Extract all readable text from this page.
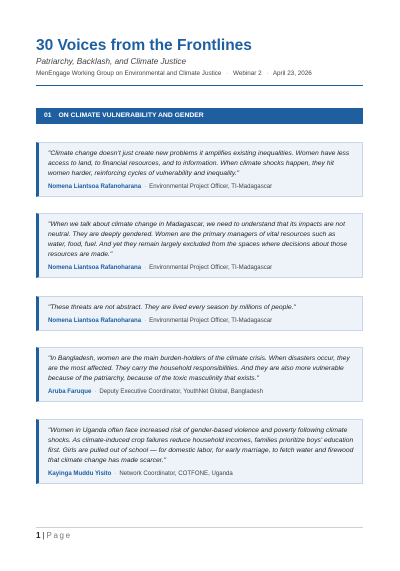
30 Voices from the Frontlines
Patriarchy, Backlash, and Climate Justice
MenEngage Working Group on Environmental and Climate Justice · Webinar 2 · April 23, 2026
01 ON CLIMATE VULNERABILITY AND GENDER

"Climate change doesn't just create new problems it amplifies existing inequalities. Women have less access to land, to financial resources, and to information. When climate shocks happen, they hit women harder, reinforcing cycles of vulnerability and inequality."

Nomena Liantsoa Rafanoharana · Environmental Project Officer, TI-Madagascar

"When we talk about climate change in Madagascar, we need to understand that its impacts are not neutral. They are deeply gendered. Women are the primary managers of vital resources such as water, food, fuel. And yet they remain largely excluded from the spaces where decisions about those resources are made."

Nomena Liantsoa Rafanoharana · Environmental Project Officer, TI-Madagascar

"These threats are not abstract. They are lived every season by millions of people."

Nomena Liantsoa Rafanoharana · Environmental Project Officer, TI-Madagascar

"In Bangladesh, women are the main burden-holders of the climate crisis. When disasters occur, they are the most affected. They carry the household responsibilities. And they are also more vulnerable because of the patriarchy, because of the toxic masculinity that exists."

Aruba Faruque · Deputy Executive Coordinator, YouthNet Global, Bangladesh

"Women in Uganda often face increased risk of gender-based violence and poverty following climate shocks. As climate-induced crop failures reduce household incomes, families prioritize boys' education first. Girls are pulled out of school — for domestic labor, for early marriage, to fetch water and firewood that climate change has made scarcer."

Kayinga Muddu Yisito · Network Coordinator, COTFONE, Uganda
1 | Page
